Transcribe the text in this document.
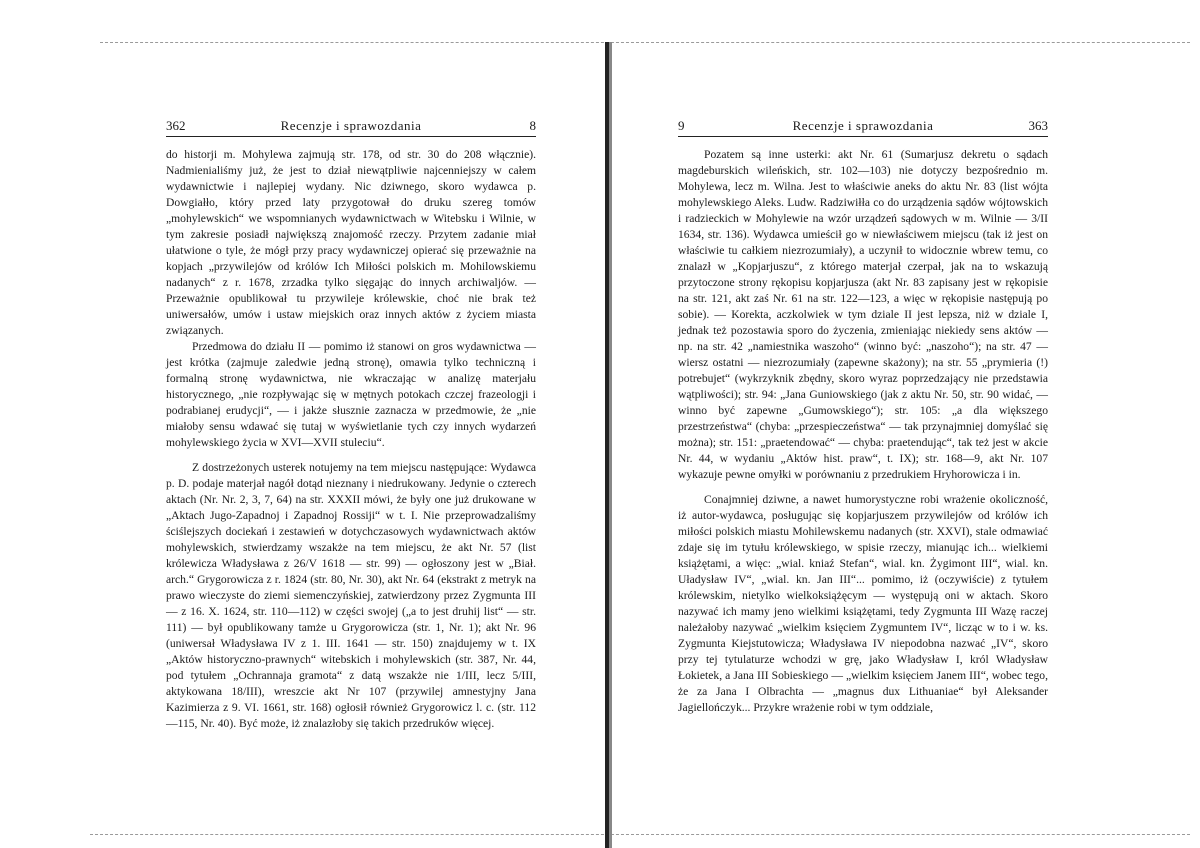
362	Recenzje i sprawozdania	8

do historji m. Mohylewa zajmują str. 178, od str. 30 do 208 włącznie). Nadmienialiśmy już, że jest to dział niewątpliwie najcenniejszy w całem wydawnictwie i najlepiej wydany. Nic dziwnego, skoro wydawca p. Dowgiałło, który przed laty przygotował do druku szereg tomów „mohylewskich“ we wspomnianych wydawnictwach w Witebsku i Wilnie, w tym zakresie posiadł największą znajomość rzeczy. Przytem zadanie miał ułatwione o tyle, że mógł przy pracy wydawniczej opierać się przeważnie na kopjach „przywilejów od królów Ich Miłości polskich m. Mohilowskiemu nadanych“ z r. 1678, zrzadka tylko sięgając do innych archiwaljów. — Przeważnie opublikował tu przywileje królewskie, choć nie brak też uniwersałów, umów i ustaw miejskich oraz innych aktów z życiem miasta związanych.

Przedmowa do działu II — pomimo iż stanowi on gros wydawnictwa — jest krótka (zajmuje zaledwie jedną stronę), omawia tylko techniczną i formalną stronę wydawnictwa, nie wkraczając w analizę materjału historycznego, „nie rozpływając się w mętnych potokach czczej frazeologji i podrabianej erudycji“, — i jakże słusznie zaznacza w przedmowie, że „nie miałoby sensu wdawać się tutaj w wyświetlanie tych czy innych wydarzeń mohylewskiego życia w XVI—XVII stuleciu“.

Z dostrzeżonych usterek notujemy na tem miejscu następujące: Wydawca p. D. podaje materjał nagół dotąd nieznany i niedrukowany. Jedynie o czterech aktach (Nr. Nr. 2, 3, 7, 64) na str. XXXII mówi, że były one już drukowane w „Aktach Jugo-Zapadnoj i Zapadnoj Rossiji“ w t. I. Nie przeprowadzaliśmy ściślejszych dociekań i zestawień w dotychczasowych wydawnictwach aktów mohylewskich, stwierdzamy wszakże na tem miejscu, że akt Nr. 57 (list królewicza Władysława z 26/V 1618 — str. 99) — ogłoszony jest w „Biał. arch.“ Grygorowicza z r. 1824 (str. 80, Nr. 30), akt Nr. 64 (ekstrakt z metryk na prawo wieczyste do ziemi siemenczyńskiej, zatwierdzony przez Zygmunta III — z 16. X. 1624, str. 110—112) w części swojej („a to jest druhij list“ — str. 111) — był opublikowany tamże u Grygorowicza (str. 1, Nr. 1); akt Nr. 96 (uniwersał Władysława IV z 1. III. 1641 — str. 150) znajdujemy w t. IX „Aktów historyczno-prawnych“ witebskich i mohylewskich (str. 387, Nr. 44, pod tytułem „Ochrannaja gramota“ z datą wszakże nie 1/III, lecz 5/III, aktykowana 18/III), wreszcie akt Nr 107 (przywilej amnestyjny Jana Kazimierza z 9. VI. 1661, str. 168) ogłosił również Grygorowicz l. c. (str. 112—115, Nr. 40). Być może, iż znalazłoby się takich przedruków więcej.

9	Recenzje i sprawozdania	363

Pozatem są inne usterki: akt Nr. 61 (Sumarjusz dekretu o sądach magdeburskich wileńskich, str. 102—103) nie dotyczy bezpośrednio m. Mohylewa, lecz m. Wilna. Jest to właściwie aneks do aktu Nr. 83 (list wójta mohylewskiego Aleks. Ludw. Radziwiłła co do urządzenia sądów wójtowskich i radzieckich w Mohylewie na wzór urządzeń sądowych w m. Wilnie — 3/II 1634, str. 136). Wydawca umieścił go w niewłaściwem miejscu (tak iż jest on właściwie tu całkiem niezrozumiały), a uczynił to widocznie wbrew temu, co znalazł w „Kopjarjuszu“, z którego materjał czerpał, jak na to wskazują przytoczone strony rękopisu kopjarjusza (akt Nr. 83 zapisany jest w rękopisie na str. 121, akt zaś Nr. 61 na str. 122—123, a więc w rękopisie następują po sobie). — Korekta, aczkolwiek w tym dziale II jest lepsza, niż w dziale I, jednak też pozostawia sporo do życzenia, zmieniając niekiedy sens aktów — np. na str. 42 „namiestnika waszoho“ (winno być: „naszoho“); na str. 47 — wiersz ostatni — niezrozumiały (zapewne skażony); na str. 55 „prymieria (!) potrebujet“ (wykrzyknik zbędny, skoro wyraz poprzedzający nie przedstawia wątpliwości); str. 94: „Jana Guniowskiego (jak z aktu Nr. 50, str. 90 widać, — winno być zapewne „Gumowskiego“); str. 105: „a dla większego przestrzeństwa“ (chyba: „przespieczeństwa“ — tak przynajmniej domyślać się można); str. 151: „praetendować“ — chyba: praetendując“, tak też jest w akcie Nr. 44, w wydaniu „Aktów hist. praw“, t. IX); str. 168—9, akt Nr. 107 wykazuje pewne omyłki w porównaniu z przedrukiem Hryhorowicza i in.

Conajmniej dziwne, a nawet humorystyczne robi wrażenie okoliczność, iż autor-wydawca, posługując się kopjarjuszem przywilejów od królów ich miłości polskich miastu Mohilewskemu nadanych (str. XXVI), stale odmawiać zdaje się im tytułu królewskiego, w spisie rzeczy, mianując ich... wielkiemi książętami, a więc: „wial. kniaź Stefan“, wial. kn. Żygimont III“, wial. kn. Uładysław IV“, „wial. kn. Jan III“... pomimo, iż (oczywiście) z tytułem królewskim, nietylko wielkoksiążęcym — występują oni w aktach. Skoro nazywać ich mamy jeno wielkimi książętami, tedy Zygmunta III Wazę raczej należałoby nazywać „wielkim księciem Zygmuntem IV“, licząc w to i w. ks. Zygmunta Kiejstutowicza; Władysława IV niepodobna nazwać „IV“, skoro przy tej tytulaturze wchodzi w grę, jako Władysław I, król Władysław Łokietek, a Jana III Sobieskiego — „wielkim księciem Janem III“, wobec tego, że za Jana I Olbrachta — „magnus dux Lithuaniae“ był Aleksander Jagiellończyk... Przykre wrażenie robi w tym oddziale,
